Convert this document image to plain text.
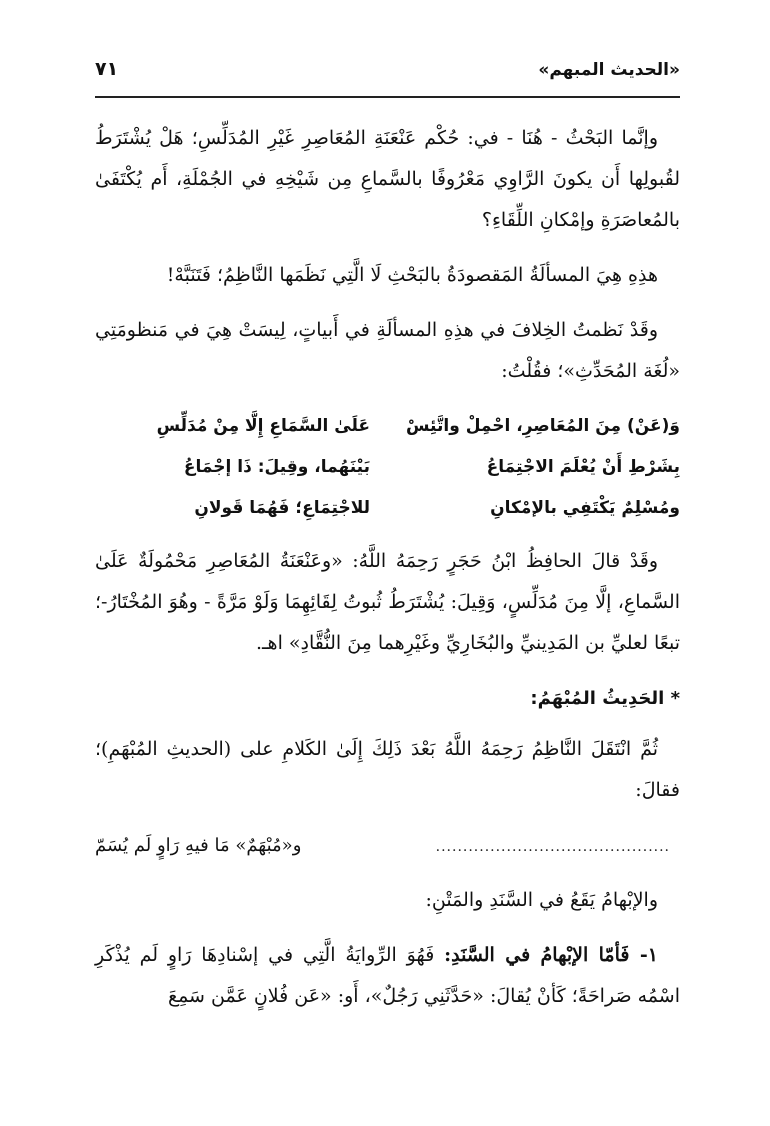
«الحديث المبهم»
٧١

وإنَّما البَحْثُ - هُنَا - في: حُكْم عَنْعَنَةِ المُعَاصِرِ غَيْرِ المُدَلِّسِ؛ هَلْ يُشْتَرَطُ لقُبولِها أَن يكونَ الرَّاوِي مَعْرُوفًا بالسَّماعِ مِن شَيْخِهِ في الجُمْلَةِ، أَم يُكْتَفَىٰ بالمُعاصَرَةِ وإمْكانِ اللِّقَاءِ؟

هذِهِ هِيَ المسألَةُ المَقصودَةُ بالبَحْثِ لَا الَّتِي نَظَمَها النَّاظِمُ؛ فَتَنَبَّهْ!

وقَدْ نَظمتُ الخِلافَ في هذِهِ المسألَةِ في أَبياتٍ، لِيسَتْ هِيَ في مَنظومَتِي «لُغَة المُحَدِّثِ»؛ فقُلْتُ:

وَ(عَنْ) مِنَ المُعَاصِرِ، احْمِلْ واتَّئِسْ
عَلَىٰ السَّمَاعِ إِلَّا مِنْ مُدَلِّسِ
بِشَرْطِ أَنْ يُعْلَمَ الاجْتِمَاعُ
بَيْنَهُما، وقِيلَ: ذَا إجْمَاعُ
ومُسْلِمٌ يَكْتَفِي بالإمْكانِ
للاجْتِمَاعِ؛ فَهُمَا قَولانِ

وقَدْ قالَ الحافِظُ ابْنُ حَجَرٍ رَحِمَهُ اللَّهُ: «وعَنْعَنَةُ المُعَاصِرِ مَحْمُولَةٌ عَلَىٰ السَّماعِ، إلَّا مِنَ مُدَلِّسٍ، وَقِيلَ: يُشْتَرَطُ ثُبوتُ لِقَائِهِمَا وَلَوْ مَرَّةً - وهُوَ المُخْتَارُ-؛ تبعًا لعليِّ بن المَدِينيِّ والبُخَارِيِّ وغَيْرِهما مِنَ النُّقَّادِ» اهـ.

* الحَدِيثُ المُبْهَمُ:

ثُمَّ انْتَقَلَ النَّاظِمُ رَحِمَهُ اللَّهُ بَعْدَ ذَلِكَ إِلَىٰ الكَلامِ على (الحديثِ المُبْهَمِ)؛ فقالَ:

...........................................
و«مُبْهَمٌ» مَا فيهِ رَاوٍ لَم يُسَمّ

والإبْهامُ يَقَعُ في السَّنَدِ والمَتْنِ:

١- فَأمّا الإبْهامُ في السَّنَدِ: فَهُوَ الرِّوايَةُ الَّتِي في إسْنادِهَا رَاوٍ لَم يُذْكَرِ اسْمُه صَراحَةً؛ كَأنْ يُقالَ: «حَدَّثَنِي رَجُلٌ»، أَو: «عَن فُلانٍ عَمَّن سَمِعَ
